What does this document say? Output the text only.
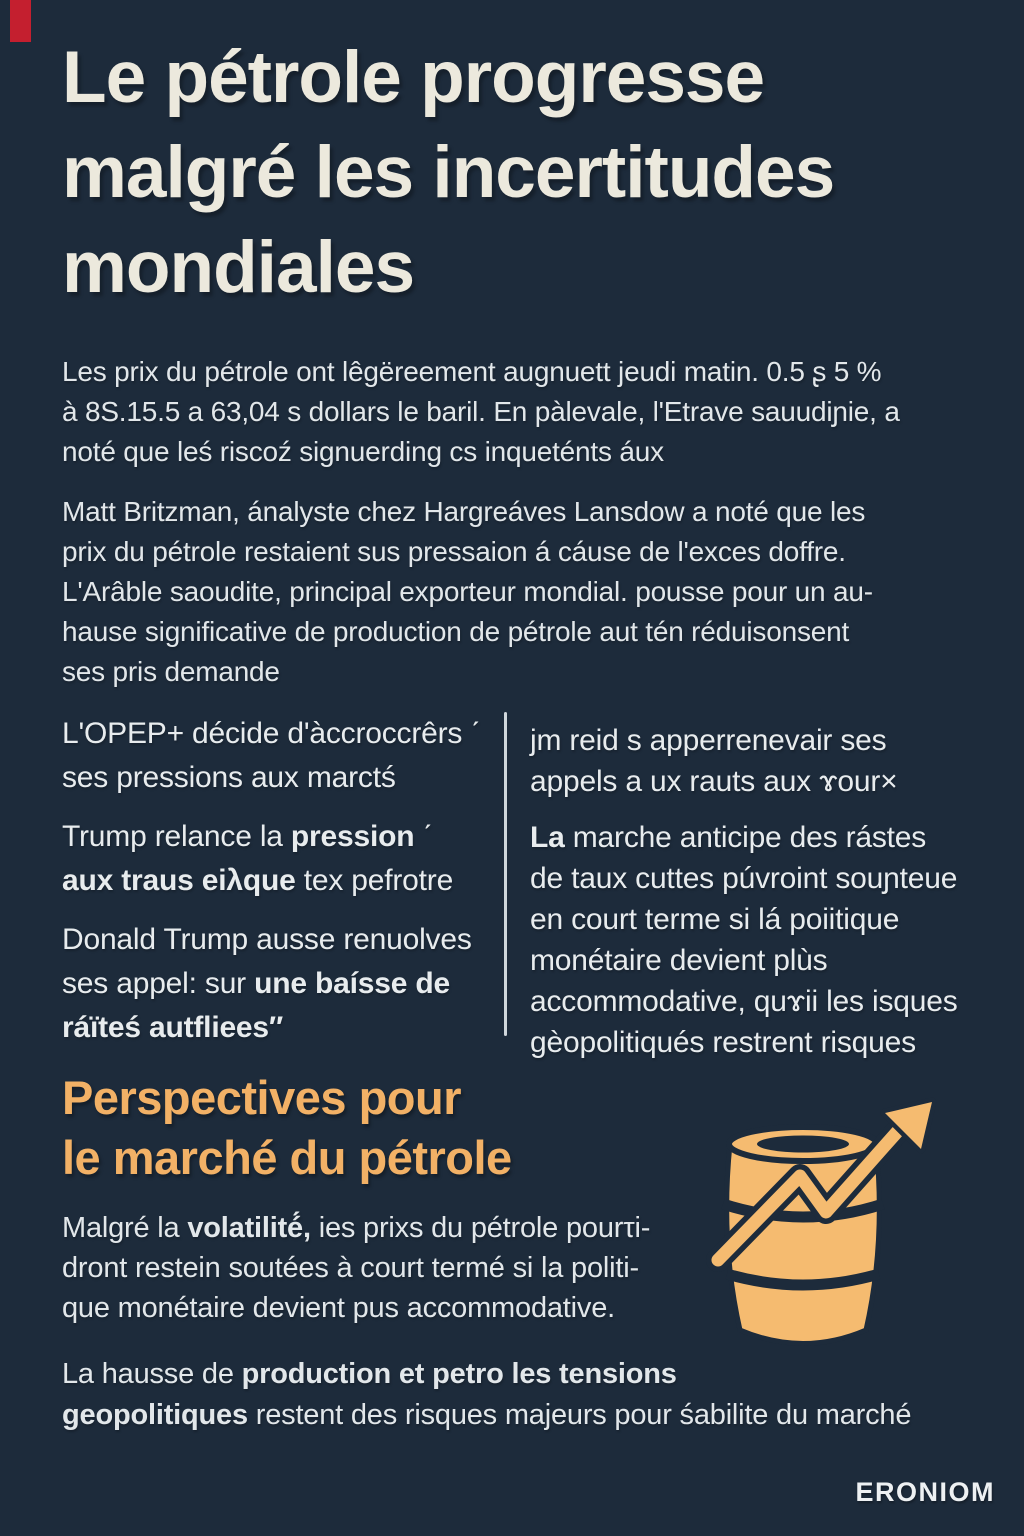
Le pétrole progresse
malgré les incertitudes
mondiales
Les prix du pétrole ont lêgëreement augnuett jeudi matin. 0.5 ʂ 5 %
à 8S.15.5 a 63,04 s dollars le baril. En pàlevale, l'Etrave sauudiɲie, a
noté que leś riscoź signuerding cs inqueténts áux
Matt Britzman, ánalyste chez Hargreáves Lansdow a noté que les
prix du pétrole restaient sus pressaion á cáuse de l'exces doffre.
L'Arâble saoudite, principal exporteur mondial. pousse pour un au-
hause significative de production de pétrole aut tén réduisonsent
ses pris demande
L'OPEP+ décide d'àccroccrêrs ˊ
ses pressions aux marctś
Trump relance la pression ˊ
aux traus eiλque tex pefrotre
Donald Trump ausse renuolves
ses appel: sur une baísse de
ráïteś autfliees″
jm reid s apperrenevair ses
appels a ux rauts aux ɤour×
La marche anticipe des rástes
de taux cuttes púvroint souɲteue
en court terme si lá poiitique
monétaire devient plùs
accommodative, quɤii les isques
gèopolitiqués restrent risques
Perspectives pour
le marché du pétrole
Malgré la volatilité́, ies prixs du pétrole pourτi-
dront restein soutées à court termé si la politi-
que monétaire devient pus accommodative.
La hausse de production et petro les tensions
geopolitiques restent des risques majeurs pour śabilite du marché
ERONIOM
